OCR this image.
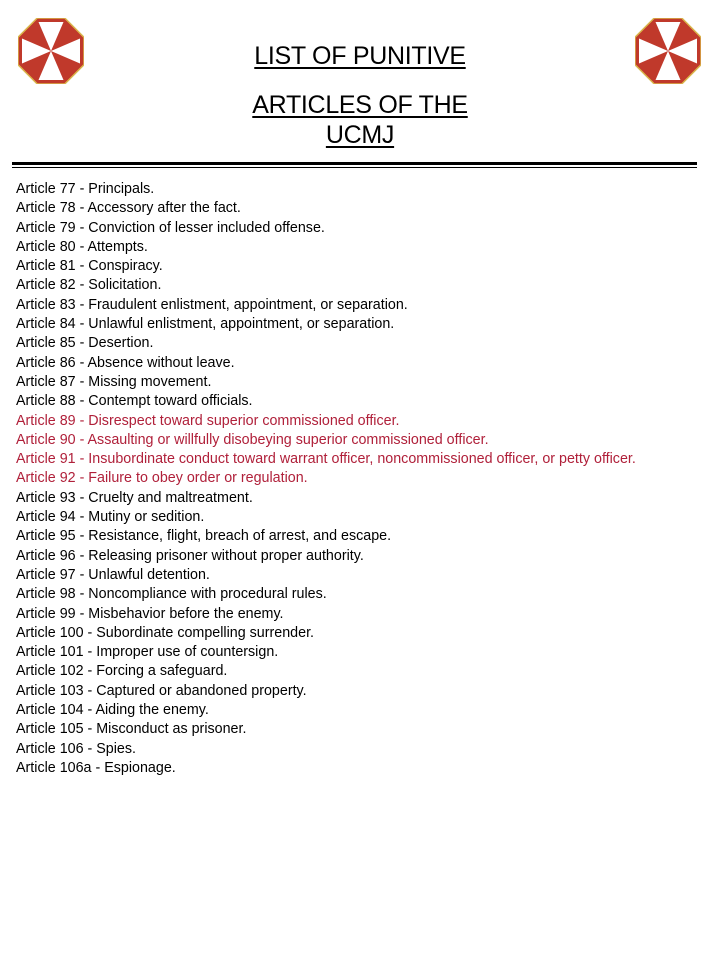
LIST OF PUNITIVE
ARTICLES OF THE
UCMJ
Article 77 - Principals.
Article 78 - Accessory after the fact.
Article 79 - Conviction of lesser included offense.
Article 80 - Attempts.
Article 81 - Conspiracy.
Article 82 - Solicitation.
Article 83 - Fraudulent enlistment, appointment, or separation.
Article 84 - Unlawful enlistment, appointment, or separation.
Article 85 - Desertion.
Article 86 - Absence without leave.
Article 87 - Missing movement.
Article 88 - Contempt toward officials.
Article 89 - Disrespect toward superior commissioned officer.
Article 90 - Assaulting or willfully disobeying superior commissioned officer.
Article 91 - Insubordinate conduct toward warrant officer, noncommissioned officer, or petty officer.
Article 92 - Failure to obey order or regulation.
Article 93 - Cruelty and maltreatment.
Article 94 - Mutiny or sedition.
Article 95 - Resistance, flight, breach of arrest, and escape.
Article 96 - Releasing prisoner without proper authority.
Article 97 - Unlawful detention.
Article 98 - Noncompliance with procedural rules.
Article 99 - Misbehavior before the enemy.
Article 100 - Subordinate compelling surrender.
Article 101 - Improper use of countersign.
Article 102 - Forcing a safeguard.
Article 103 - Captured or abandoned property.
Article 104 - Aiding the enemy.
Article 105 - Misconduct as prisoner.
Article 106 - Spies.
Article 106a - Espionage.
